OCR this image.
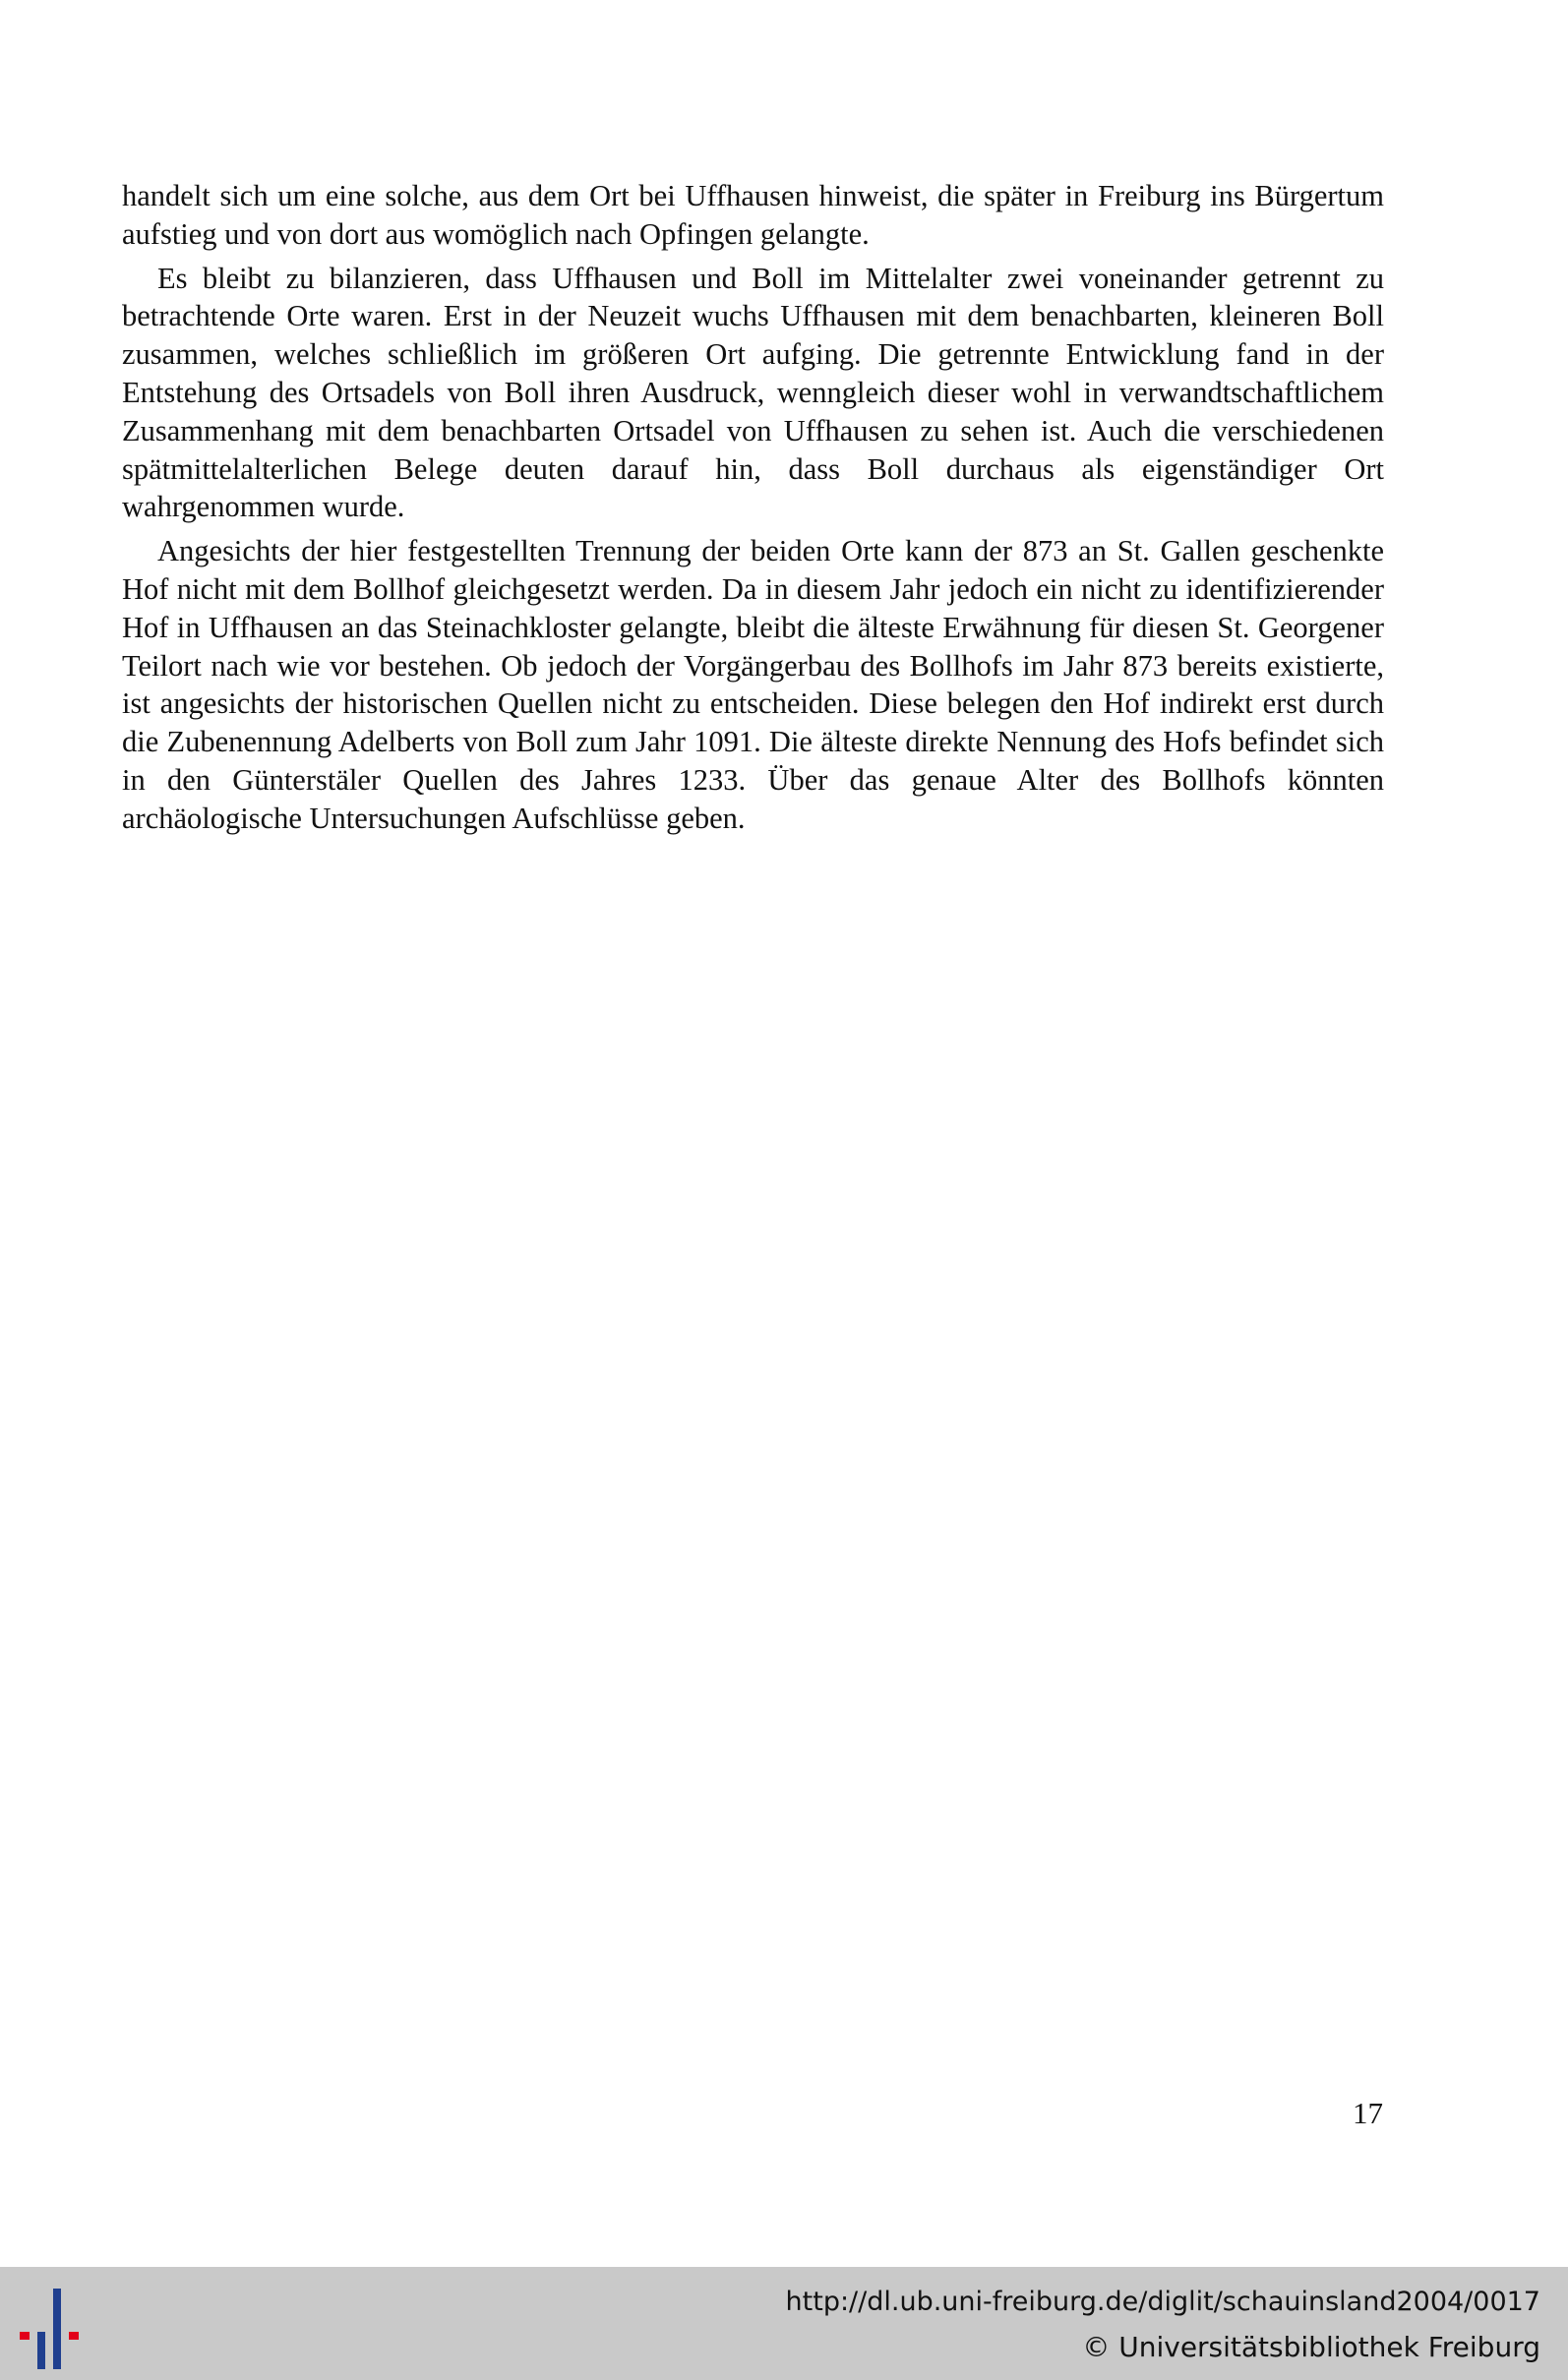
handelt sich um eine solche, aus dem Ort bei Uffhausen hinweist, die später in Freiburg ins Bürgertum aufstieg und von dort aus womöglich nach Opfingen gelangte.

Es bleibt zu bilanzieren, dass Uffhausen und Boll im Mittelalter zwei voneinander getrennt zu betrachtende Orte waren. Erst in der Neuzeit wuchs Uffhausen mit dem benachbarten, kleineren Boll zusammen, welches schließlich im größeren Ort aufging. Die getrennte Entwicklung fand in der Entstehung des Ortsadels von Boll ihren Ausdruck, wenngleich dieser wohl in verwandtschaftlichem Zusammenhang mit dem benachbarten Ortsadel von Uffhausen zu sehen ist. Auch die verschiedenen spätmittelalterlichen Belege deuten darauf hin, dass Boll durchaus als eigenständiger Ort wahrgenommen wurde.

Angesichts der hier festgestellten Trennung der beiden Orte kann der 873 an St. Gallen geschenkte Hof nicht mit dem Bollhof gleichgesetzt werden. Da in diesem Jahr jedoch ein nicht zu identifizierender Hof in Uffhausen an das Steinachkloster gelangte, bleibt die älteste Erwähnung für diesen St. Georgener Teilort nach wie vor bestehen. Ob jedoch der Vorgängerbau des Bollhofs im Jahr 873 bereits existierte, ist angesichts der historischen Quellen nicht zu entscheiden. Diese belegen den Hof indirekt erst durch die Zubenennung Adelberts von Boll zum Jahr 1091. Die älteste direkte Nennung des Hofs befindet sich in den Günterstäler Quellen des Jahres 1233. Über das genaue Alter des Bollhofs könnten archäologische Untersuchungen Aufschlüsse geben.

17
http://dl.ub.uni-freiburg.de/diglit/schauinsland2004/0017
© Universitätsbibliothek Freiburg
